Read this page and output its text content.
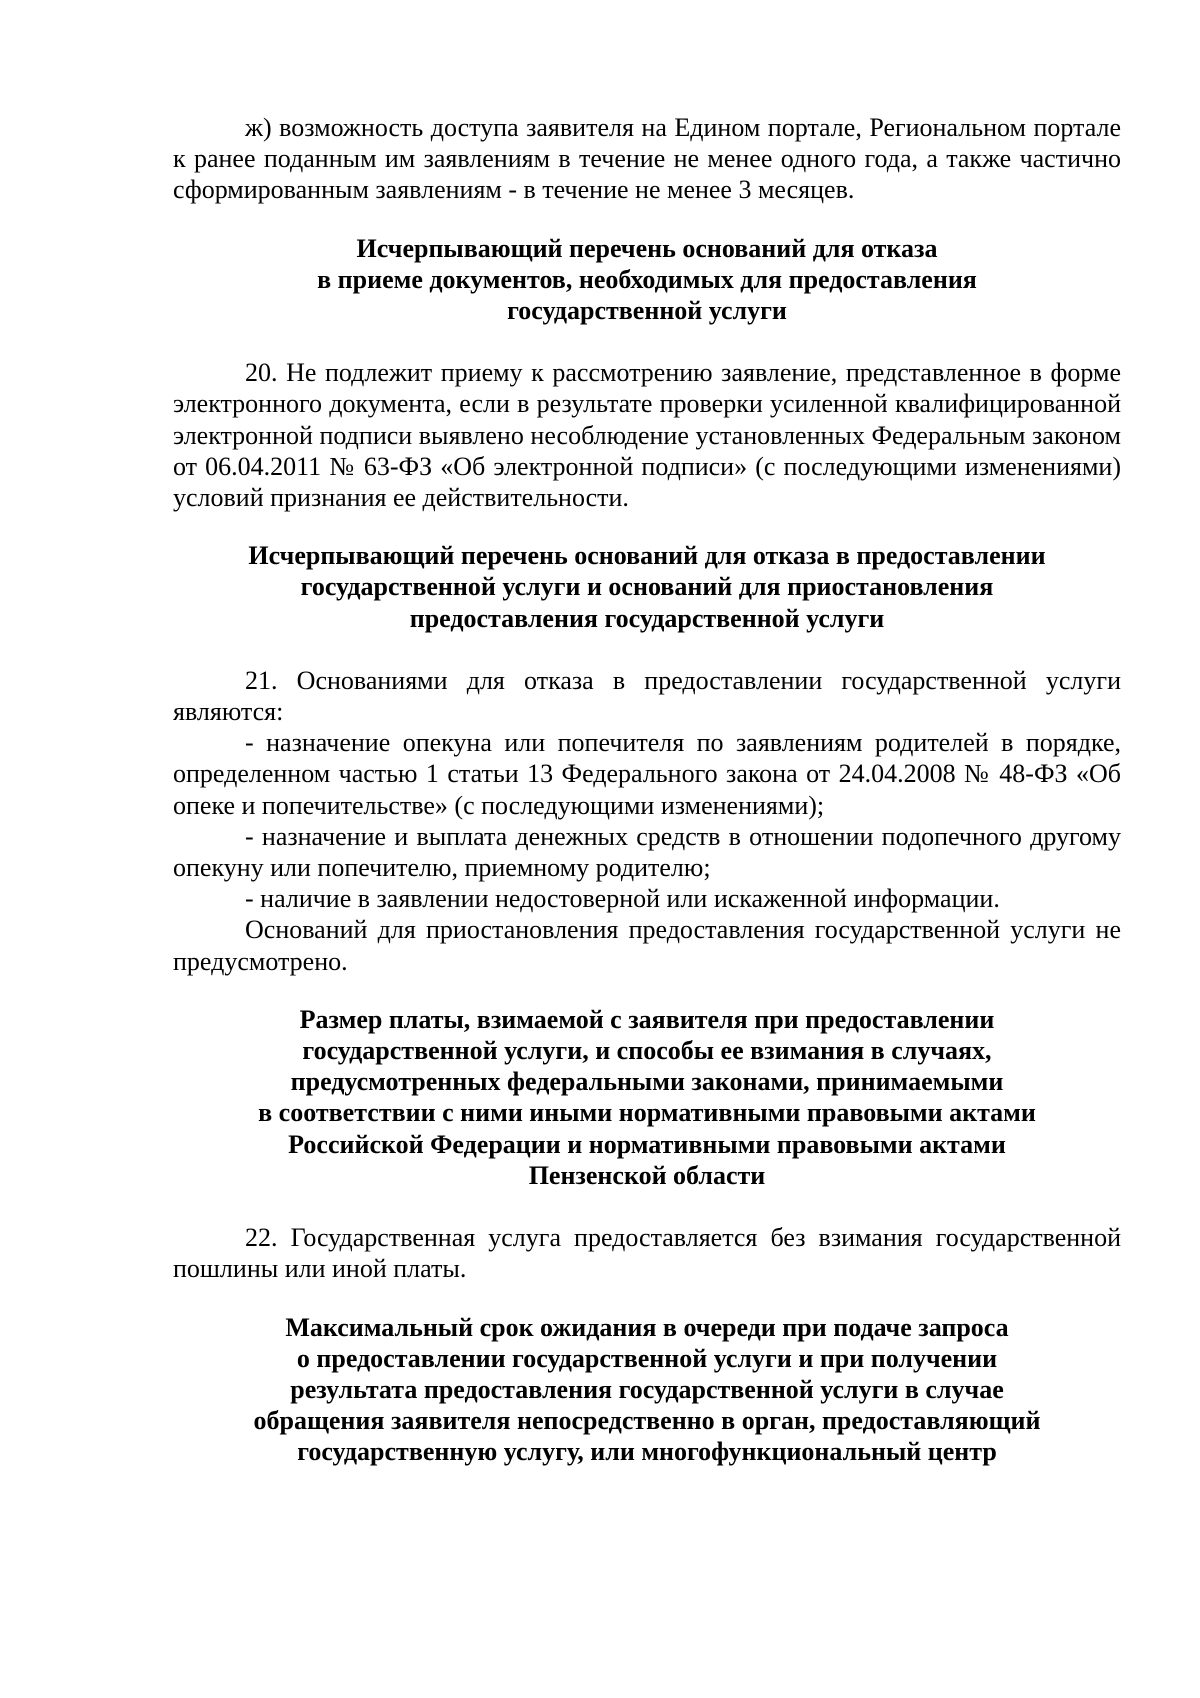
ж) возможность доступа заявителя на Едином портале, Региональном портале к ранее поданным им заявлениям в течение не менее одного года, а также частично сформированным заявлениям - в течение не менее 3 месяцев.

Исчерпывающий перечень оснований для отказа
в приеме документов, необходимых для предоставления
государственной услуги

20. Не подлежит приему к рассмотрению заявление, представленное в форме электронного документа, если в результате проверки усиленной квалифицированной электронной подписи выявлено несоблюдение установленных Федеральным законом от 06.04.2011 № 63-ФЗ «Об электронной подписи» (с последующими изменениями) условий признания ее действительности.

Исчерпывающий перечень оснований для отказа в предоставлении
государственной услуги и оснований для приостановления
предоставления государственной услуги

21. Основаниями для отказа в предоставлении государственной услуги являются:

- назначение опекуна или попечителя по заявлениям родителей в порядке, определенном частью 1 статьи 13 Федерального закона от 24.04.2008 № 48-ФЗ «Об опеке и попечительстве» (с последующими изменениями);

- назначение и выплата денежных средств в отношении подопечного другому опекуну или попечителю, приемному родителю;

- наличие в заявлении недостоверной или искаженной информации.

Оснований для приостановления предоставления государственной услуги не предусмотрено.

Размер платы, взимаемой с заявителя при предоставлении
государственной услуги, и способы ее взимания в случаях,
предусмотренных федеральными законами, принимаемыми
в соответствии с ними иными нормативными правовыми актами
Российской Федерации и нормативными правовыми актами
Пензенской области

22. Государственная услуга предоставляется без взимания государственной пошлины или иной платы.

Максимальный срок ожидания в очереди при подаче запроса
о предоставлении государственной услуги и при получении
результата предоставления государственной услуги в случае
обращения заявителя непосредственно в орган, предоставляющий
государственную услугу, или многофункциональный центр
